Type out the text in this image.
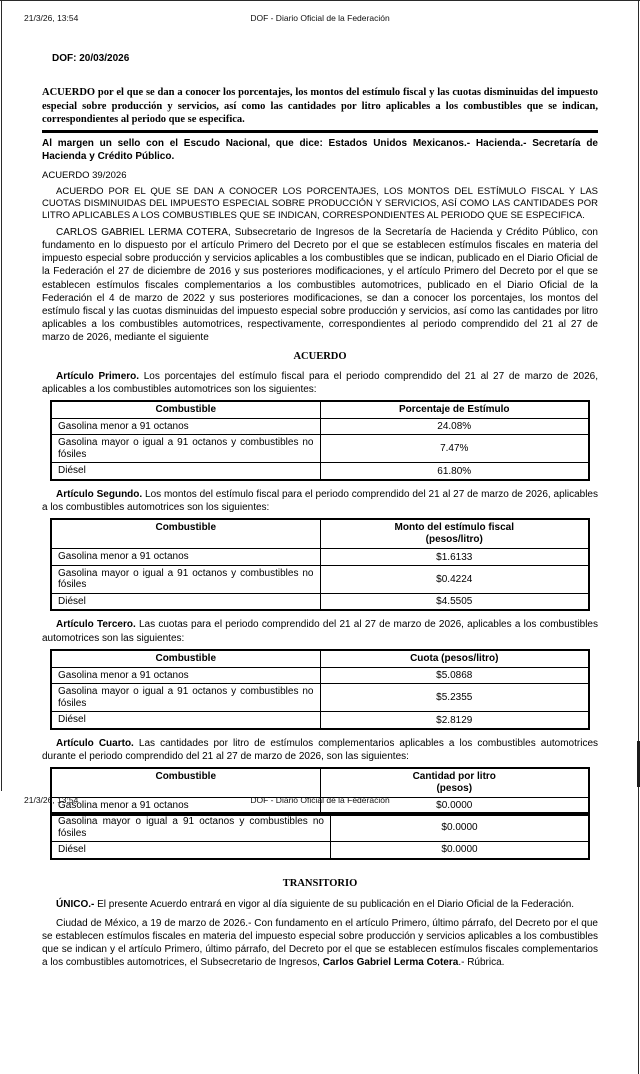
21/3/26, 13:54	DOF - Diario Oficial de la Federación

DOF: 20/03/2026

ACUERDO por el que se dan a conocer los porcentajes, los montos del estímulo fiscal y las cuotas disminuidas del impuesto especial sobre producción y servicios, así como las cantidades por litro aplicables a los combustibles que se indican, correspondientes al periodo que se especifica.

Al margen un sello con el Escudo Nacional, que dice: Estados Unidos Mexicanos.- Hacienda.- Secretaría de Hacienda y Crédito Público.

ACUERDO 39/2026

ACUERDO POR EL QUE SE DAN A CONOCER LOS PORCENTAJES, LOS MONTOS DEL ESTÍMULO FISCAL Y LAS CUOTAS DISMINUIDAS DEL IMPUESTO ESPECIAL SOBRE PRODUCCIÓN Y SERVICIOS, ASÍ COMO LAS CANTIDADES POR LITRO APLICABLES A LOS COMBUSTIBLES QUE SE INDICAN, CORRESPONDIENTES AL PERIODO QUE SE ESPECIFICA.

CARLOS GABRIEL LERMA COTERA, Subsecretario de Ingresos de la Secretaría de Hacienda y Crédito Público, con fundamento en lo dispuesto por el artículo Primero del Decreto por el que se establecen estímulos fiscales en materia del impuesto especial sobre producción y servicios aplicables a los combustibles que se indican, publicado en el Diario Oficial de la Federación el 27 de diciembre de 2016 y sus posteriores modificaciones, y el artículo Primero del Decreto por el que se establecen estímulos fiscales complementarios a los combustibles automotrices, publicado en el Diario Oficial de la Federación el 4 de marzo de 2022 y sus posteriores modificaciones, se dan a conocer los porcentajes, los montos del estímulo fiscal y las cuotas disminuidas del impuesto especial sobre producción y servicios, así como las cantidades por litro aplicables a los combustibles automotrices, respectivamente, correspondientes al periodo comprendido del 21 al 27 de marzo de 2026, mediante el siguiente

ACUERDO

Artículo Primero. Los porcentajes del estímulo fiscal para el periodo comprendido del 21 al 27 de marzo de 2026, aplicables a los combustibles automotrices son los siguientes:

Combustible	Porcentaje de Estímulo
Gasolina menor a 91 octanos	24.08%
Gasolina mayor o igual a 91 octanos y combustibles no fósiles	7.47%
Diésel	61.80%

Artículo Segundo. Los montos del estímulo fiscal para el periodo comprendido del 21 al 27 de marzo de 2026, aplicables a los combustibles automotrices son los siguientes:

Combustible	Monto del estímulo fiscal
(pesos/litro)

Gasolina menor a 91 octanos	$1.6133
Gasolina mayor o igual a 91 octanos y combustibles no fósiles	$0.4224
Diésel	$4.5505

Artículo Tercero. Las cuotas para el periodo comprendido del 21 al 27 de marzo de 2026, aplicables a los combustibles automotrices son las siguientes:

Combustible	Cuota (pesos/litro)
Gasolina menor a 91 octanos	$5.0868
Gasolina mayor o igual a 91 octanos y combustibles no fósiles	$5.2355
Diésel	$2.8129

Artículo Cuarto. Las cantidades por litro de estímulos complementarios aplicables a los combustibles automotrices durante el periodo comprendido del 21 al 27 de marzo de 2026, son las siguientes:

Combustible	Cantidad por litro
(pesos)

Gasolina menor a 91 octanos	$0.0000
21/3/26, 13:54	DOF - Diario Oficial de la Federación
Gasolina mayor o igual a 91 octanos y combustibles no fósiles	$0.0000
Diésel	$0.0000

TRANSITORIO

ÚNICO.- El presente Acuerdo entrará en vigor al día siguiente de su publicación en el Diario Oficial de la Federación.

Ciudad de México, a 19 de marzo de 2026.- Con fundamento en el artículo Primero, último párrafo, del Decreto por el que se establecen estímulos fiscales en materia del impuesto especial sobre producción y servicios aplicables a los combustibles que se indican y el artículo Primero, último párrafo, del Decreto por el que se establecen estímulos fiscales complementarios a los combustibles automotrices, el Subsecretario de Ingresos, Carlos Gabriel Lerma Cotera.- Rúbrica.
